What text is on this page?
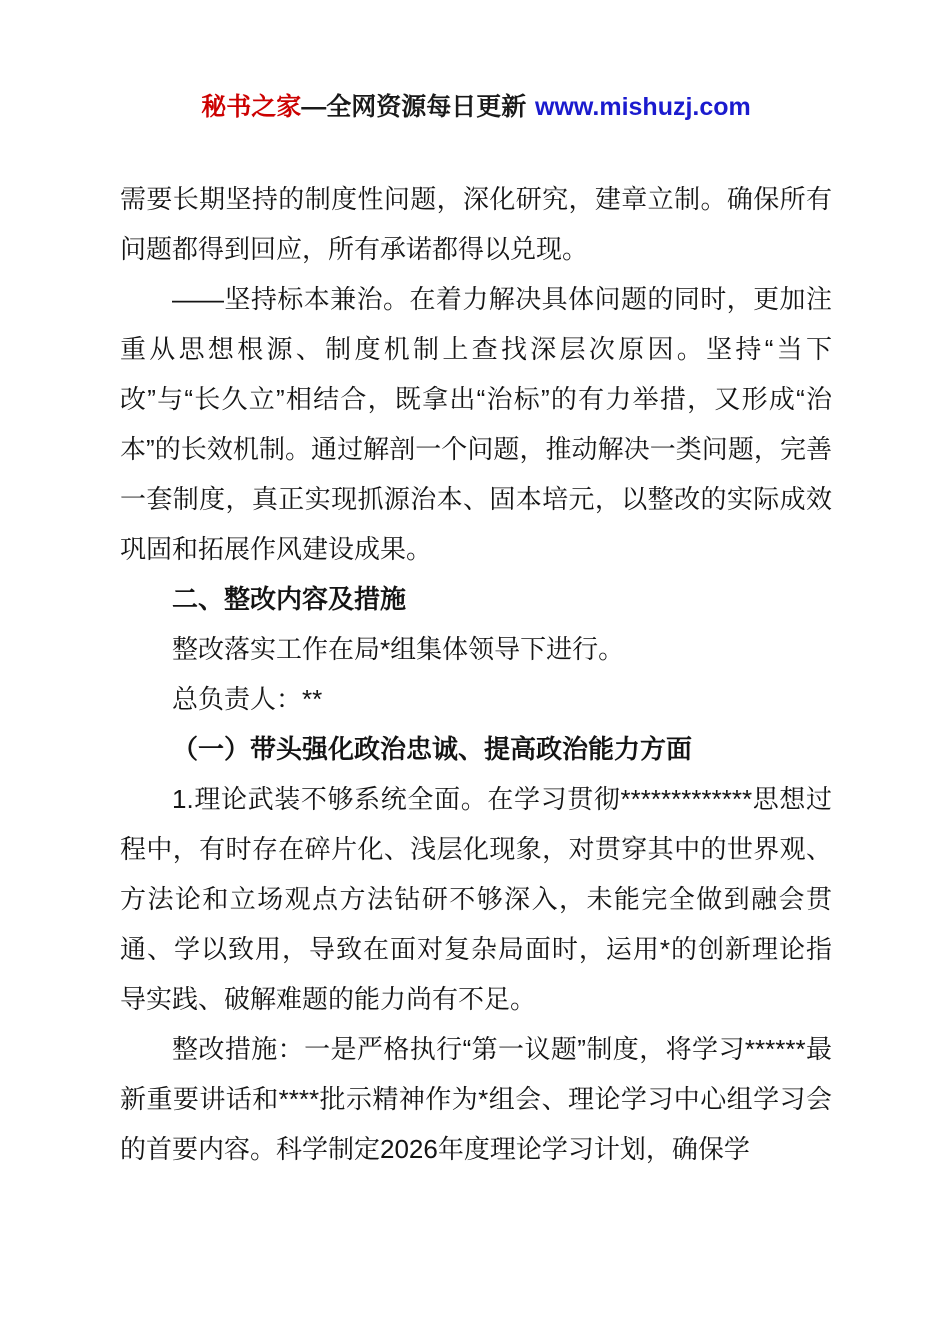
秘书之家—全网资源每日更新 www.mishuzj.com

需要长期坚持的制度性问题，深化研究，建章立制。确保所有问题都得到回应，所有承诺都得以兑现。

——坚持标本兼治。在着力解决具体问题的同时，更加注重从思想根源、制度机制上查找深层次原因。坚持“当下改”与“长久立”相结合，既拿出“治标”的有力举措，又形成“治本”的长效机制。通过解剖一个问题，推动解决一类问题，完善一套制度，真正实现抓源治本、固本培元，以整改的实际成效巩固和拓展作风建设成果。

二、整改内容及措施

整改落实工作在局*组集体领导下进行。

总负责人：**

（一）带头强化政治忠诚、提高政治能力方面

1.理论武装不够系统全面。在学习贯彻*************思想过程中，有时存在碎片化、浅层化现象，对贯穿其中的世界观、方法论和立场观点方法钻研不够深入，未能完全做到融会贯通、学以致用，导致在面对复杂局面时，运用*的创新理论指导实践、破解难题的能力尚有不足。

整改措施：一是严格执行“第一议题”制度，将学习******最新重要讲话和****批示精神作为*组会、理论学习中心组学习会的首要内容。科学制定2026年度理论学习计划，确保学
